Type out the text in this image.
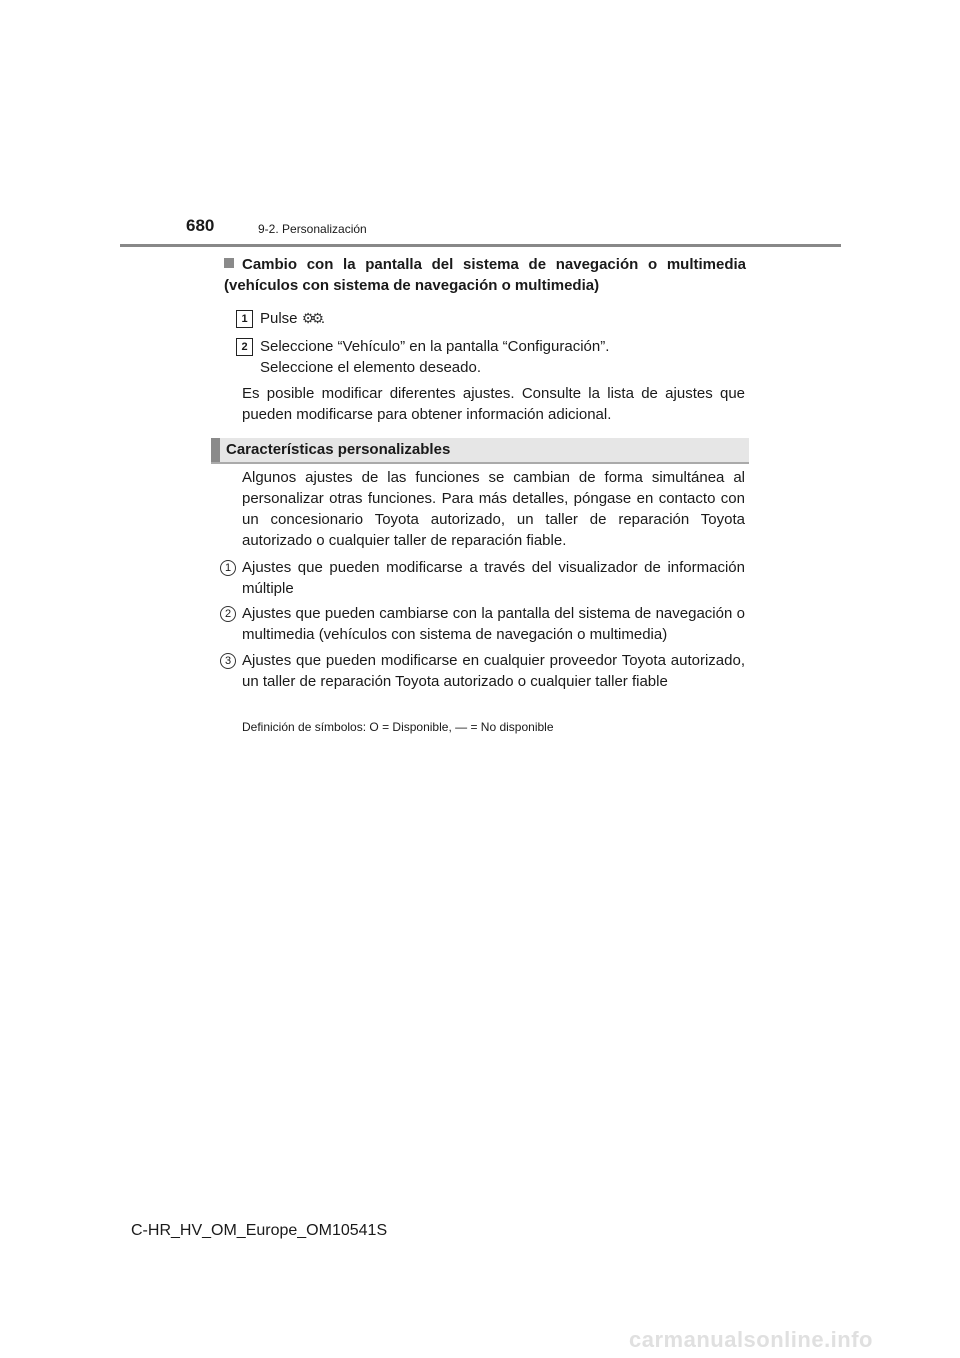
680	9-2. Personalización
Cambio con la pantalla del sistema de navegación o multimedia (vehículos con sistema de navegación o multimedia)
1 Pulse ⚙⚙.
2 Seleccione “Vehículo” en la pantalla “Configuración”.
Seleccione el elemento deseado.
Es posible modificar diferentes ajustes. Consulte la lista de ajustes que pueden modificarse para obtener información adicional.
Características personalizables
Algunos ajustes de las funciones se cambian de forma simultánea al personalizar otras funciones. Para más detalles, póngase en contacto con un concesionario Toyota autorizado, un taller de reparación Toyota autorizado o cualquier taller de reparación fiable.
1 Ajustes que pueden modificarse a través del visualizador de información múltiple
2 Ajustes que pueden cambiarse con la pantalla del sistema de navegación o multimedia (vehículos con sistema de navegación o multimedia)
3 Ajustes que pueden modificarse en cualquier proveedor Toyota autorizado, un taller de reparación Toyota autorizado o cualquier taller fiable
Definición de símbolos: O = Disponible, — = No disponible
C-HR_HV_OM_Europe_OM10541S
carmanualsonline.info
